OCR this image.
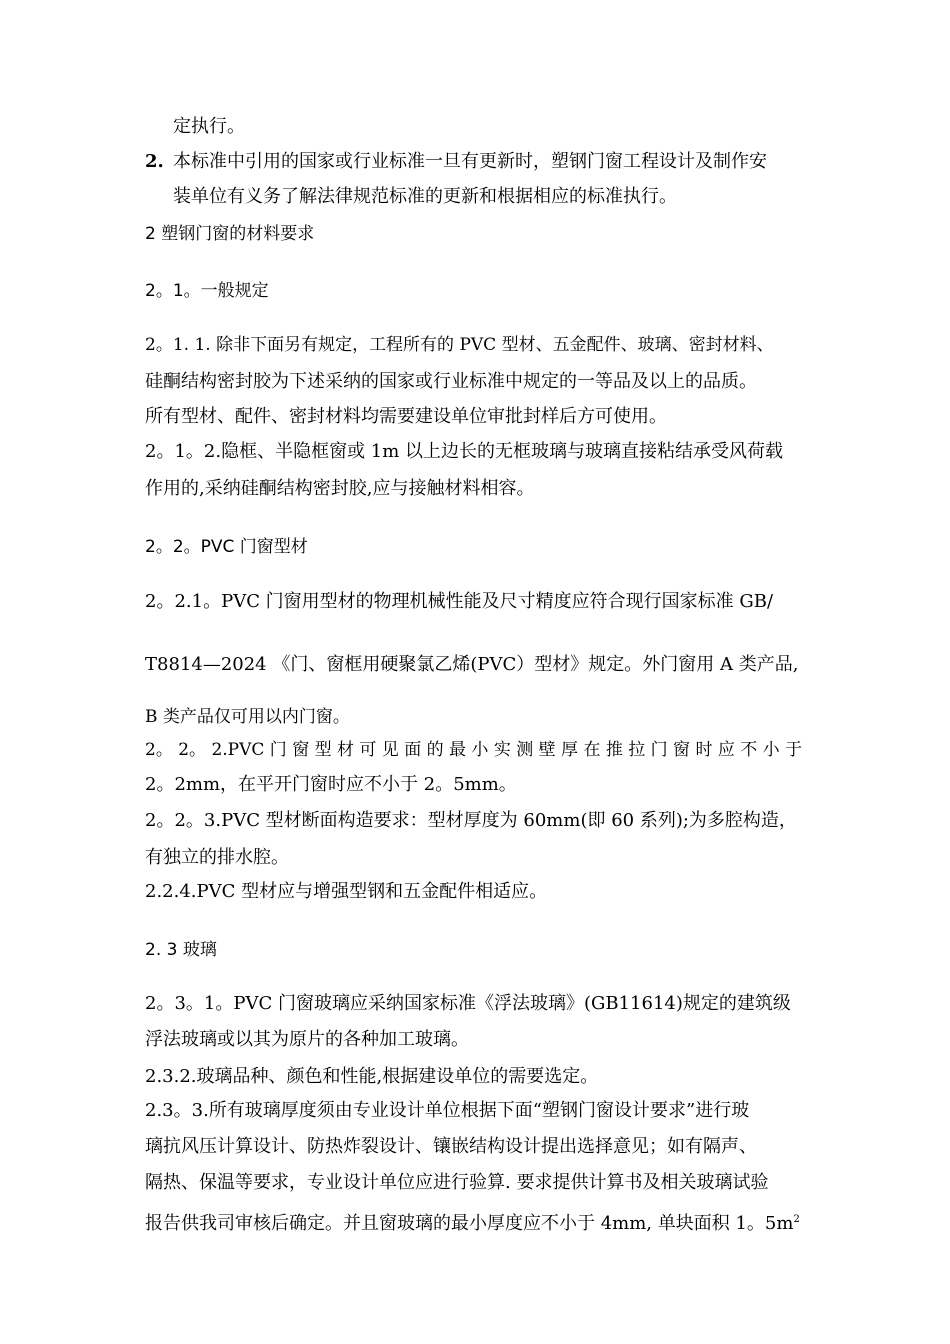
定执行。
2. 本标准中引用的国家或行业标准一旦有更新时，塑钢门窗工程设计及制作安
装单位有义务了解法律规范标准的更新和根据相应的标准执行。
2 塑钢门窗的材料要求
2。1。一般规定
2。1. 1. 除非下面另有规定，工程所有的 PVC 型材、五金配件、玻璃、密封材料、
硅酮结构密封胶为下述采纳的国家或行业标准中规定的一等品及以上的品质。
所有型材、配件、密封材料均需要建设单位审批封样后方可使用。
2。1。2.隐框、半隐框窗或 1m 以上边长的无框玻璃与玻璃直接粘结承受风荷载
作用的,采纳硅酮结构密封胶,应与接触材料相容。
2。2。PVC 门窗型材
2。2.1。PVC 门窗用型材的物理机械性能及尺寸精度应符合现行国家标准 GB/
T8814—2024 《门、窗框用硬聚氯乙烯(PVC）型材》规定。外门窗用 A 类产品,
B 类产品仅可用以内门窗。
2。 2。 2.PVC 门 窗 型 材 可 见 面 的 最 小 实 测 壁 厚 在 推 拉 门 窗 时 应 不 小 于
2。2mm，在平开门窗时应不小于 2。5mm。
2。2。3.PVC 型材断面构造要求：型材厚度为 60mm(即 60 系列);为多腔构造，
有独立的排水腔。
2.2.4.PVC 型材应与增强型钢和五金配件相适应。
2. 3 玻璃
2。3。1。PVC 门窗玻璃应采纳国家标准《浮法玻璃》(GB11614)规定的建筑级
浮法玻璃或以其为原片的各种加工玻璃。
2.3.2.玻璃品种、颜色和性能,根据建设单位的需要选定。
2.3。3.所有玻璃厚度须由专业设计单位根据下面“塑钢门窗设计要求”进行玻
璃抗风压计算设计、防热炸裂设计、镶嵌结构设计提出选择意见；如有隔声、
隔热、保温等要求，专业设计单位应进行验算. 要求提供计算书及相关玻璃试验
报告供我司审核后确定。并且窗玻璃的最小厚度应不小于 4mm, 单块面积 1。$5m^2$
